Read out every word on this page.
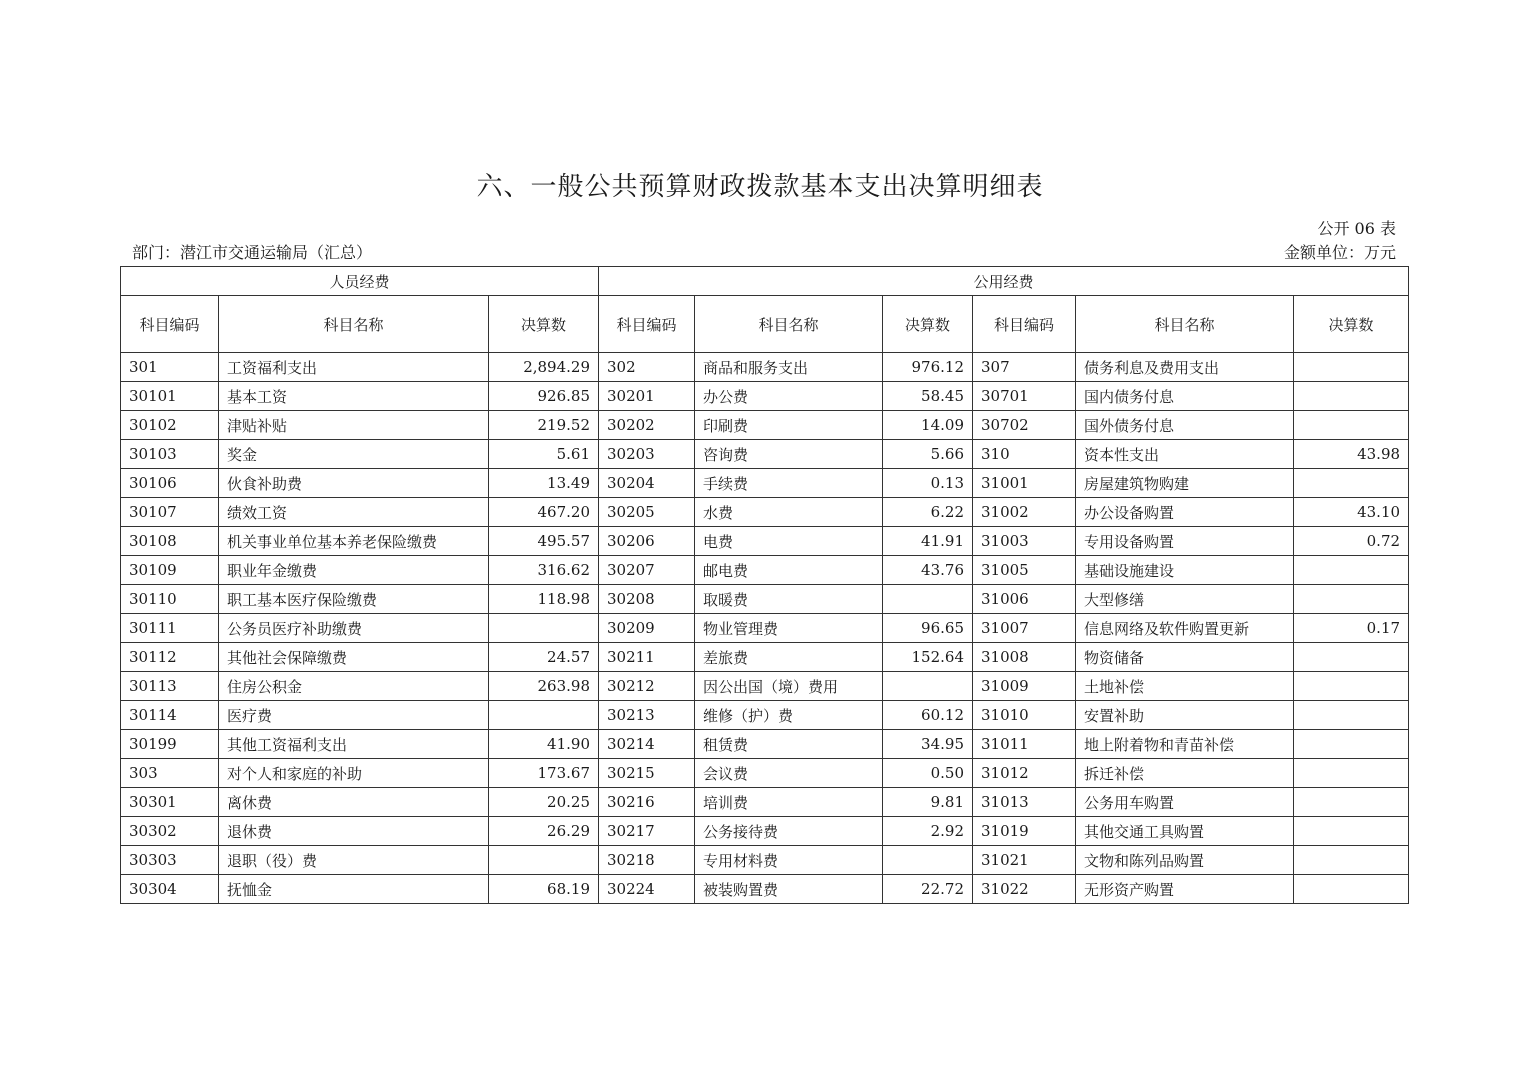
六、一般公共预算财政拨款基本支出决算明细表
公开 06 表
部门：潜江市交通运输局（汇总）	金额单位：万元
人员经费			公用经费					
科目编码	科目名称	决算数	科目编码	科目名称	决算数	科目编码	科目名称	决算数
301	工资福利支出	2,894.29	302	商品和服务支出	976.12	307	债务利息及费用支出	
30101	基本工资	926.85	30201	办公费	58.45	30701	国内债务付息	
30102	津贴补贴	219.52	30202	印刷费	14.09	30702	国外债务付息	
30103	奖金	5.61	30203	咨询费	5.66	310	资本性支出	43.98
30106	伙食补助费	13.49	30204	手续费	0.13	31001	房屋建筑物购建	
30107	绩效工资	467.20	30205	水费	6.22	31002	办公设备购置	43.10
30108	机关事业单位基本养老保险缴费	495.57	30206	电费	41.91	31003	专用设备购置	0.72
30109	职业年金缴费	316.62	30207	邮电费	43.76	31005	基础设施建设	
30110	职工基本医疗保险缴费	118.98	30208	取暖费		31006	大型修缮	
30111	公务员医疗补助缴费		30209	物业管理费	96.65	31007	信息网络及软件购置更新	0.17
30112	其他社会保障缴费	24.57	30211	差旅费	152.64	31008	物资储备	
30113	住房公积金	263.98	30212	因公出国（境）费用		31009	土地补偿	
30114	医疗费		30213	维修（护）费	60.12	31010	安置补助	
30199	其他工资福利支出	41.90	30214	租赁费	34.95	31011	地上附着物和青苗补偿	
303	对个人和家庭的补助	173.67	30215	会议费	0.50	31012	拆迁补偿	
30301	离休费	20.25	30216	培训费	9.81	31013	公务用车购置	
30302	退休费	26.29	30217	公务接待费	2.92	31019	其他交通工具购置	
30303	退职（役）费		30218	专用材料费		31021	文物和陈列品购置	
30304	抚恤金	68.19	30224	被装购置费	22.72	31022	无形资产购置	
